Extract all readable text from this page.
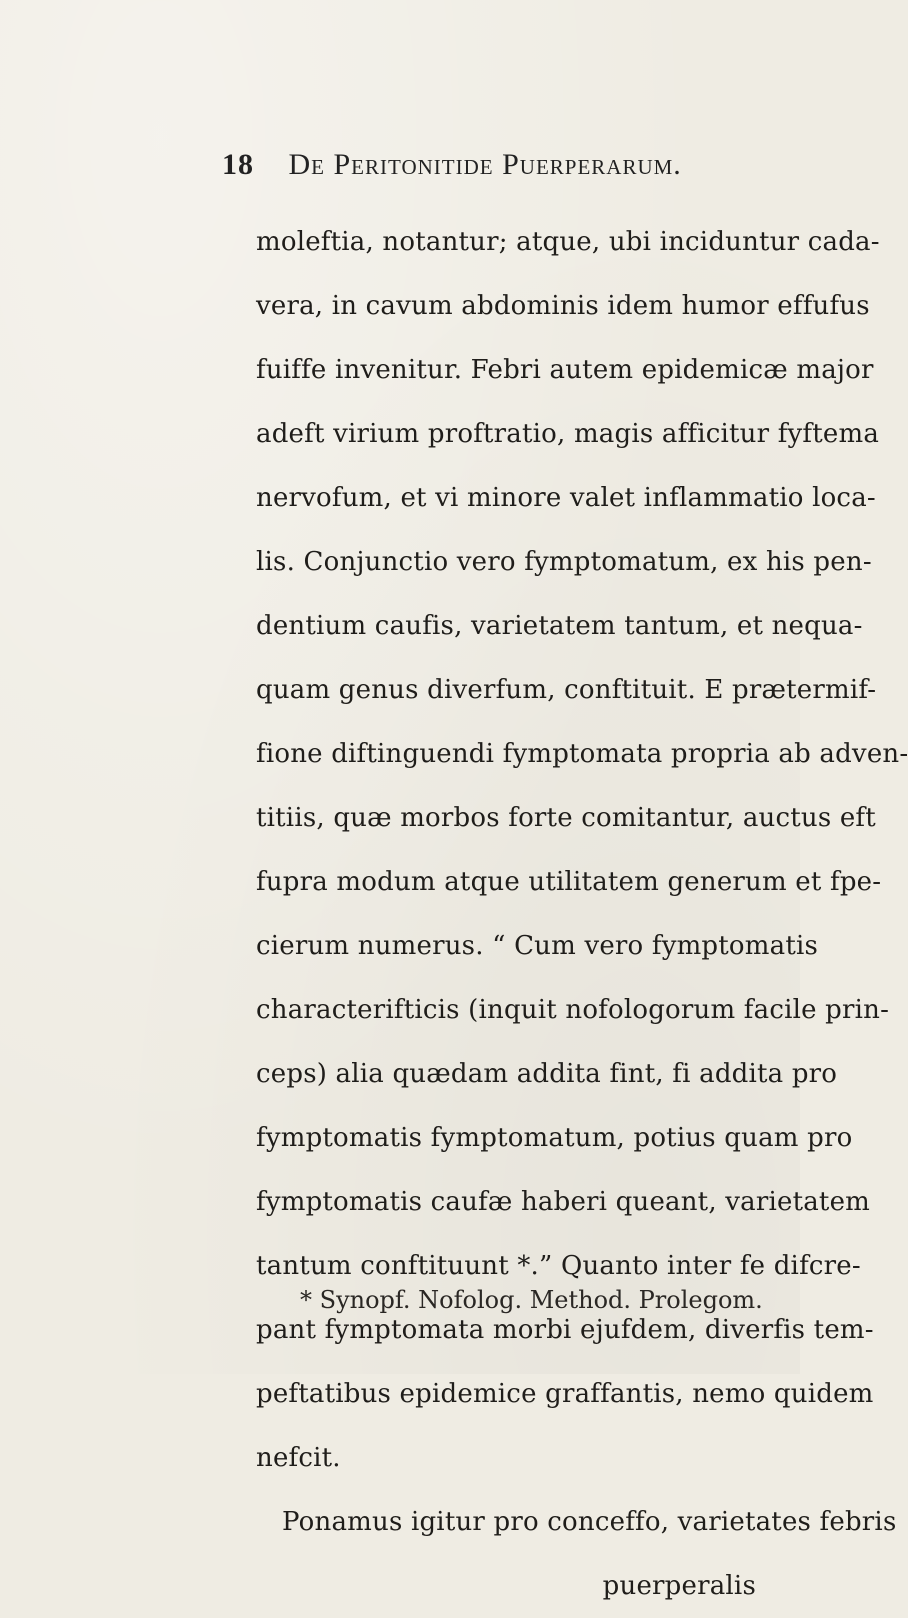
18 De Peritonitide Puerperarum.
moleftia, notantur; atque, ubi inciduntur cada-
vera, in cavum abdominis idem humor effufus
fuiffe invenitur. Febri autem epidemicæ major
adeft virium proftratio, magis afficitur fyftema
nervofum, et vi minore valet inflammatio loca-
lis. Conjunctio vero fymptomatum, ex his pen-
dentium caufis, varietatem tantum, et nequa-
quam genus diverfum, conftituit. E prætermif-
fione diftinguendi fymptomata propria ab adven-
titiis, quæ morbos forte comitantur, auctus eft
fupra modum atque utilitatem generum et fpe-
cierum numerus. “ Cum vero fymptomatis
characterifticis (inquit nofologorum facile prin-
ceps) alia quædam addita fint, fi addita pro
fymptomatis fymptomatum, potius quam pro
fymptomatis caufæ haberi queant, varietatem
tantum conftituunt *.” Quanto inter fe difcre-
pant fymptomata morbi ejufdem, diverfis tem-
peftatibus epidemice graffantis, nemo quidem
nefcit.
Ponamus igitur pro conceffo, varietates febris
puerperalis
* Synopf. Nofolog. Method. Prolegom.
